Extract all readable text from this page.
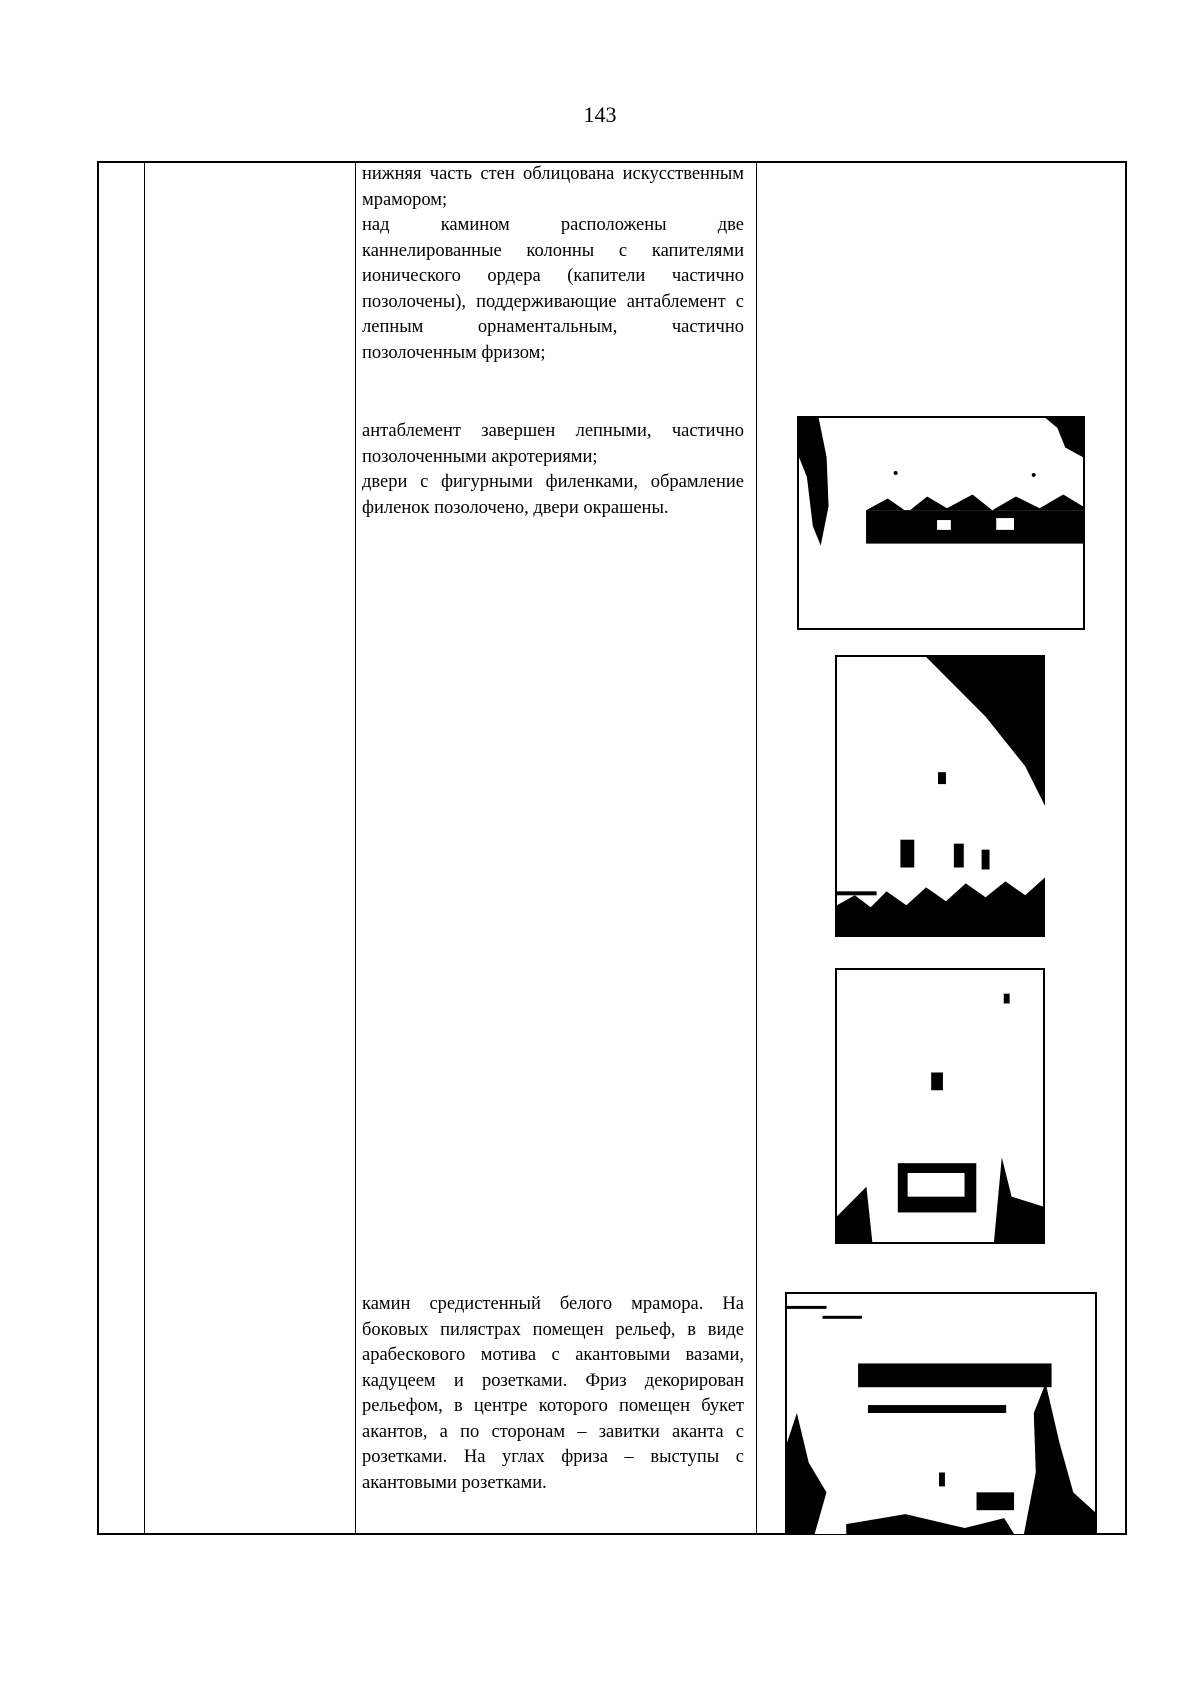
143

нижняя часть стен облицована искусственным мрамором;

над камином расположены две каннелированные колонны с капителями ионического ордера (капители частично позолочены), поддерживающие антаблемент с лепным орнаментальным, частично позолоченным фризом;

антаблемент завершен лепными, частично позолоченными акротериями;

двери с фигурными филенками, обрамление филенок позолочено, двери окрашены.

камин средистенный белого мрамора. На боковых пилястрах помещен рельеф, в виде арабескового мотива с акантовыми вазами, кадуцеем и розетками. Фриз декорирован рельефом, в центре которого помещен букет акантов, а по сторонам – завитки аканта с розетками. На углах фриза – выступы с акантовыми розетками.
